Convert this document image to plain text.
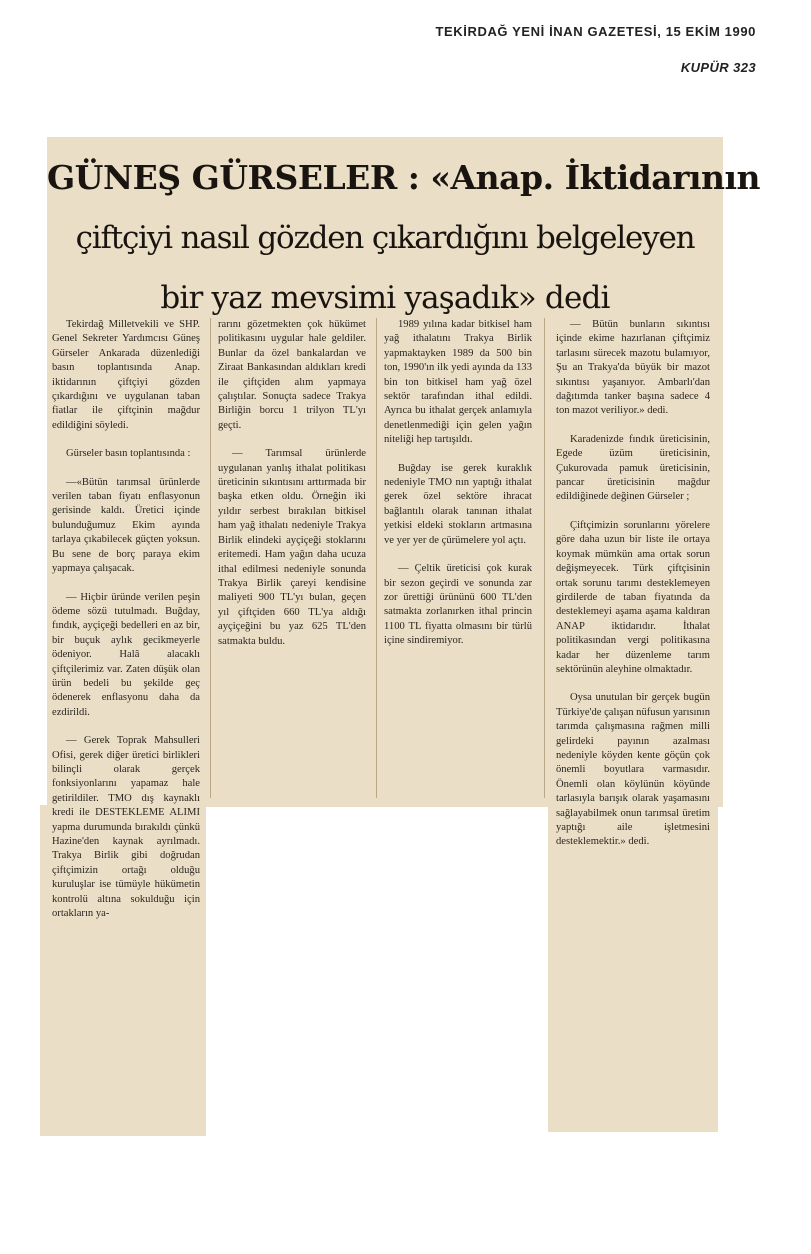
TEKİRDAĞ YENİ İNAN GAZETESİ, 15 EKİM 1990
KUPÜR 323
GÜNEŞ GÜRSELER : «Anap. İktidarının
çiftçiyi nasıl gözden çıkardığını belgeleyen
bir yaz mevsimi yaşadık» dedi

Tekirdağ Milletvekili ve SHP. Genel Sekreter Yardımcısı Güneş Gürseler Ankarada düzenlediği basın toplantısında Anap. iktidarının çiftçiyi gözden çıkardığını ve uygulanan taban fiatlar ile çiftçinin mağdur edildiğini söyledi.

Gürseler basın toplantısında :

—«Bütün tarımsal ürünlerde verilen taban fiyatı enflasyonun gerisinde kaldı. Üretici içinde bulunduğumuz Ekim ayında tarlaya çıkabilecek güçten yoksun. Bu sene de borç paraya ekim yapmaya çalışacak.

— Hiçbir üründe verilen peşin ödeme sözü tutulmadı. Buğday, fındık, ayçiçeği bedelleri en az bir, bir buçuk aylık gecikmeyerle ödeniyor. Halâ alacaklı çiftçilerimiz var. Zaten düşük olan ürün bedeli bu şekilde geç ödenerek enflasyonu daha da ezdirildi.

— Gerek Toprak Mahsulleri Ofisi, gerek diğer üretici birlikleri bilinçli olarak gerçek fonksiyonlarını yapamaz hale getirildiler. TMO dış kaynaklı kredi ile DESTEKLEME ALIMI yapma durumunda bırakıldı çünkü Hazine'den kaynak ayrılmadı. Trakya Birlik gibi doğrudan çiftçimizin ortağı olduğu kuruluşlar ise tümüyle hükümetin kontrolü altına sokulduğu için ortakların ya-

rarını gözetmekten çok hükümet politikasını uygular hale geldiler. Bunlar da özel bankalardan ve Ziraat Bankasından aldıkları kredi ile çiftçiden alım yapmaya çalıştılar. Sonuçta sadece Trakya Birliğin borcu 1 trilyon TL'yı geçti.

— Tarımsal ürünlerde uygulanan yanlış ithalat politikası üreticinin sıkıntısını arttırmada bir başka etken oldu. Örneğin iki yıldır serbest bırakılan bitkisel ham yağ ithalatı nedeniyle Trakya Birlik elindeki ayçiçeği stoklarını eritemedi. Ham yağın daha ucuza ithal edilmesi nedeniyle sonunda Trakya Birlik çareyi kendisine maliyeti 900 TL'yı bulan, geçen yıl çiftçiden 660 TL'ya aldığı ayçiçeğini bu yaz 625 TL'den satmakta buldu.

1989 yılına kadar bitkisel ham yağ ithalatını Trakya Birlik yapmaktayken 1989 da 500 bin ton, 1990'ın ilk yedi ayında da 133 bin ton bitkisel ham yağ özel sektör tarafından ithal edildi. Ayrıca bu ithalat gerçek anlamıyla denetlenmediği için gelen yağın niteliği hep tartışıldı.

Buğday ise gerek kuraklık nedeniyle TMO nın yaptığı ithalat gerek özel sektöre ihracat bağlantılı olarak tanınan ithalat yetkisi eldeki stokların artmasına ve yer yer de çürümelere yol açtı.

— Çeltik üreticisi çok kurak bir sezon geçirdi ve sonunda zar zor ürettiği ürününü 600 TL'den satmakta zorlanırken ithal princin 1100 TL fiyatta olmasını bir türlü içine sindiremiyor.

— Bütün bunların sıkıntısı içinde ekime hazırlanan çiftçimiz tarlasını sürecek mazotu bulamıyor, Şu an Trakya'da büyük bir mazot sıkıntısı yaşanıyor. Ambarlı'dan dağıtımda tanker başına sadece 4 ton mazot veriliyor.» dedi.

Karadenizde fındık üreticisinin, Egede üzüm üreticisinin, Çukurovada pamuk üreticisinin, pancar üreticisinin mağdur edildiğinede değinen Gürseler ;

Çiftçimizin sorunlarını yörelere göre daha uzun bir liste ile ortaya koymak mümkün ama ortak sorun değişmeyecek. Türk çiftçisinin ortak sorunu tarımı desteklemeyen girdilerde de taban fiyatında da desteklemeyi aşama aşama kaldıran ANAP iktidarıdır. İthalat politikasından vergi politikasına kadar her düzenleme tarım sektörünün aleyhine olmaktadır.

Oysa unutulan bir gerçek bugün Türkiye'de çalışan nüfusun yarısının tarımda çalışmasına rağmen milli gelirdeki payının azalması nedeniyle köyden kente göçün çok önemli boyutlara varmasıdır. Önemli olan köylünün köyünde tarlasıyla barışık olarak yaşamasını sağlayabilmek onun tarımsal üretim yaptığı aile işletmesini desteklemektir.» dedi.
